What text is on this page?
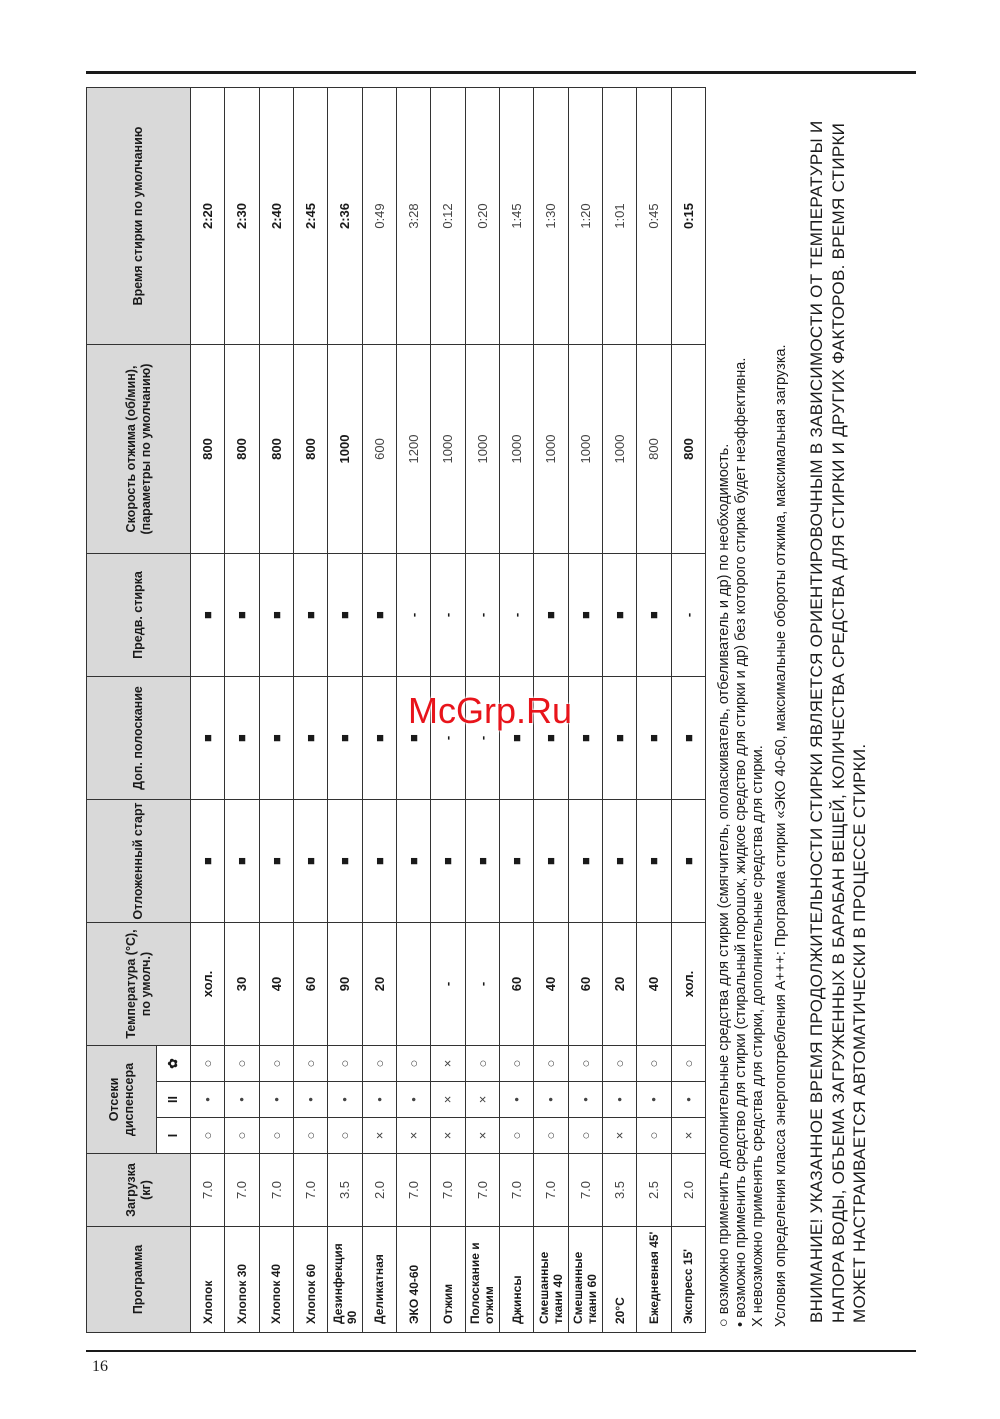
16
McGrp.Ru
Программа	Загрузка (кг)	Отсеки диспенсера			Температура (°С), по умолч.)	Отложенный старт	Доп. полоскание	Предв. стирка	Скорость отжима (об/мин), (параметры по умолчанию)	Время стирки по умолчанию
		I	II	✿						
Хлопок	7.0	○	•	○	хол.	■	■	■	800	2:20
Хлопок 30	7.0	○	•	○	30	■	■	■	800	2:30
Хлопок 40	7.0	○	•	○	40	■	■	■	800	2:40
Хлопок 60	7.0	○	•	○	60	■	■	■	800	2:45
Дезинфекция 90	3.5	○	•	○	90	■	■	■	1000	2:36
Деликатная	2.0	×	•	○	20	■	■	■	600	0:49
ЭКО 40-60	7.0	×	•	○		■	■	-	1200	3:28
Отжим	7.0	×	×	×	-	■	-	-	1000	0:12
Полоскание и отжим	7.0	×	×	○	-	■	-	-	1000	0:20
Джинсы	7.0	○	•	○	60	■	■	-	1000	1:45
Смешанные ткани 40	7.0	○	•	○	40	■	■	■	1000	1:30
Смешанные ткани 60	7.0	○	•	○	60	■	■	■	1000	1:20
20°С	3.5	×	•	○	20	■	■	■	1000	1:01
Ежедневная 45'	2.5	○	•	○	40	■	■	■	800	0:45
Экспресс 15'	2.0	×	•	○	хол.	■	■	-	800	0:15
○ возможно применить дополнительные средства для стирки (смягчитель, ополаскиватель, отбеливатель и др) по необходимость. • возможно применить средство для стирки (стиральный порошок, жидкое средство для стирки и др) без которого стирка будет неэффективна. X невозможно применять средства для стирки, дополнительные средства для стирки. Условия определения класса энергопотребления А+++: Программа стирки «ЭКО 40-60, максимальные обороты отжима, максимальная загрузка. ВНИМАНИЕ! УКАЗАННОЕ ВРЕМЯ ПРОДОЛЖИТЕЛЬНОСТИ СТИРКИ ЯВЛЯЕТСЯ ОРИЕНТИРОВОЧНЫМ В ЗАВИСИМОСТИ ОТ ТЕМПЕРАТУРЫ И НАПОРА ВОДЫ, ОБЪЕМА ЗАГРУЖЕННЫХ В БАРАБАН ВЕЩЕЙ, КОЛИЧЕСТВА СРЕДСТВА ДЛЯ СТИРКИ И ДРУГИХ ФАКТОРОВ. ВРЕМЯ СТИРКИ МОЖЕТ НАСТРАИВАЕТСЯ АВТОМАТИЧЕСКИ В ПРОЦЕССЕ СТИРКИ.
